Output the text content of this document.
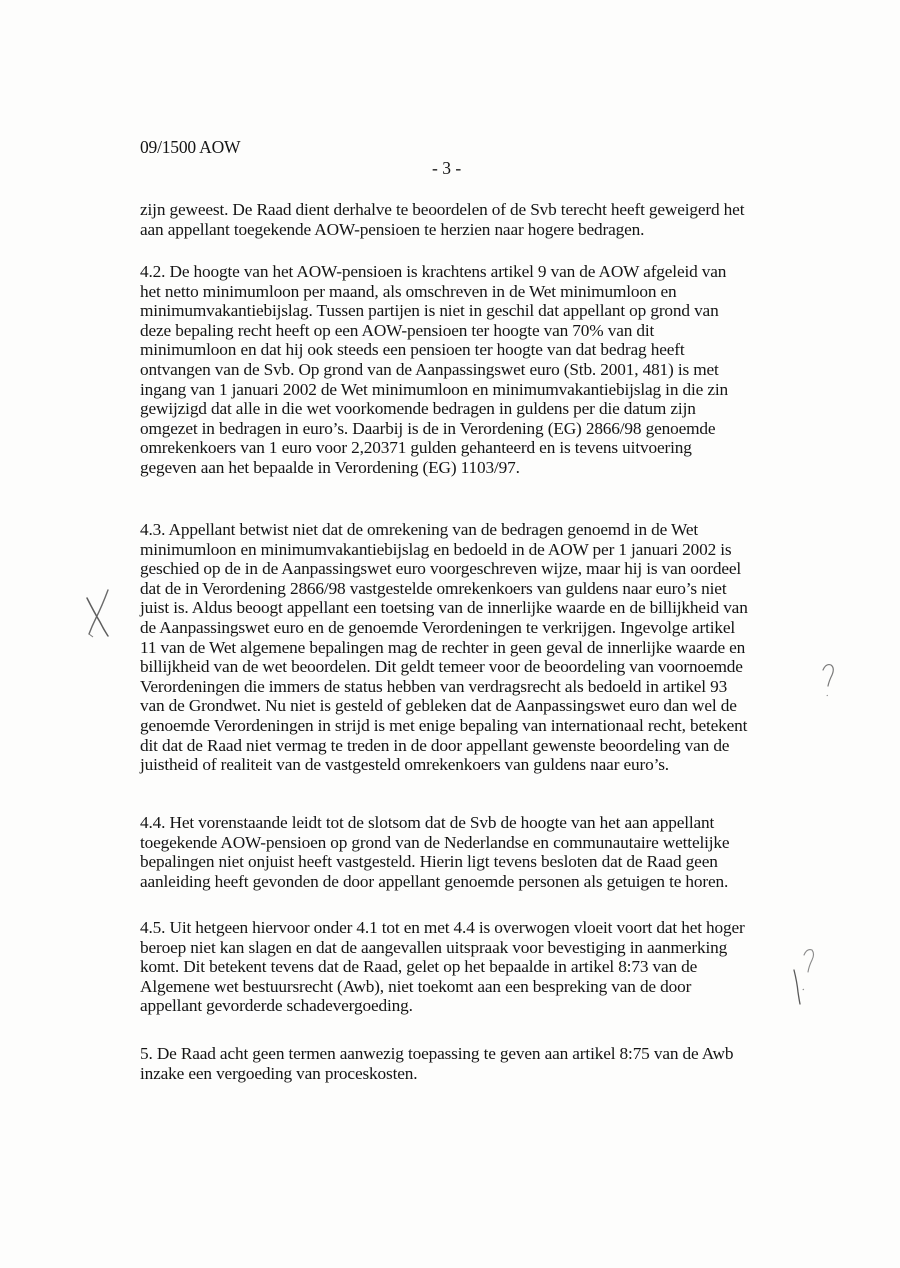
09/1500 AOW
- 3 -

zijn geweest. De Raad dient derhalve te beoordelen of de Svb terecht heeft geweigerd het
aan appellant toegekende AOW-pensioen te herzien naar hogere bedragen.

4.2. De hoogte van het AOW-pensioen is krachtens artikel 9 van de AOW afgeleid van
het netto minimumloon per maand, als omschreven in de Wet minimumloon en
minimumvakantiebijslag. Tussen partijen is niet in geschil dat appellant op grond van
deze bepaling recht heeft op een AOW-pensioen ter hoogte van 70% van dit
minimumloon en dat hij ook steeds een pensioen ter hoogte van dat bedrag heeft
ontvangen van de Svb. Op grond van de Aanpassingswet euro (Stb. 2001, 481) is met
ingang van 1 januari 2002 de Wet minimumloon en minimumvakantiebijslag in die zin
gewijzigd dat alle in die wet voorkomende bedragen in guldens per die datum zijn
omgezet in bedragen in euro’s. Daarbij is de in Verordening (EG) 2866/98 genoemde
omrekenkoers van 1 euro voor 2,20371 gulden gehanteerd en is tevens uitvoering
gegeven aan het bepaalde in Verordening (EG) 1103/97.

4.3. Appellant betwist niet dat de omrekening van de bedragen genoemd in de Wet
minimumloon en minimumvakantiebijslag en bedoeld in de AOW per 1 januari 2002 is
geschied op de in de Aanpassingswet euro voorgeschreven wijze, maar hij is van oordeel
dat de in Verordening 2866/98 vastgestelde omrekenkoers van guldens naar euro’s niet
juist is. Aldus beoogt appellant een toetsing van de innerlijke waarde en de billijkheid van
de Aanpassingswet euro en de genoemde Verordeningen te verkrijgen. Ingevolge artikel
11 van de Wet algemene bepalingen mag de rechter in geen geval de innerlijke waarde en
billijkheid van de wet beoordelen. Dit geldt temeer voor de beoordeling van voornoemde
Verordeningen die immers de status hebben van verdragsrecht als bedoeld in artikel 93
van de Grondwet. Nu niet is gesteld of gebleken dat de Aanpassingswet euro dan wel de
genoemde Verordeningen in strijd is met enige bepaling van internationaal recht, betekent
dit dat de Raad niet vermag te treden in de door appellant gewenste beoordeling van de
juistheid of realiteit van de vastgesteld omrekenkoers van guldens naar euro’s.

4.4. Het vorenstaande leidt tot de slotsom dat de Svb de hoogte van het aan appellant
toegekende AOW-pensioen op grond van de Nederlandse en communautaire wettelijke
bepalingen niet onjuist heeft vastgesteld. Hierin ligt tevens besloten dat de Raad geen
aanleiding heeft gevonden de door appellant genoemde personen als getuigen te horen.

4.5. Uit hetgeen hiervoor onder 4.1 tot en met 4.4 is overwogen vloeit voort dat het hoger
beroep niet kan slagen en dat de aangevallen uitspraak voor bevestiging in aanmerking
komt. Dit betekent tevens dat de Raad, gelet op het bepaalde in artikel 8:73 van de
Algemene wet bestuursrecht (Awb), niet toekomt aan een bespreking van de door
appellant gevorderde schadevergoeding.

5. De Raad acht geen termen aanwezig toepassing te geven aan artikel 8:75 van de Awb
inzake een vergoeding van proceskosten.
